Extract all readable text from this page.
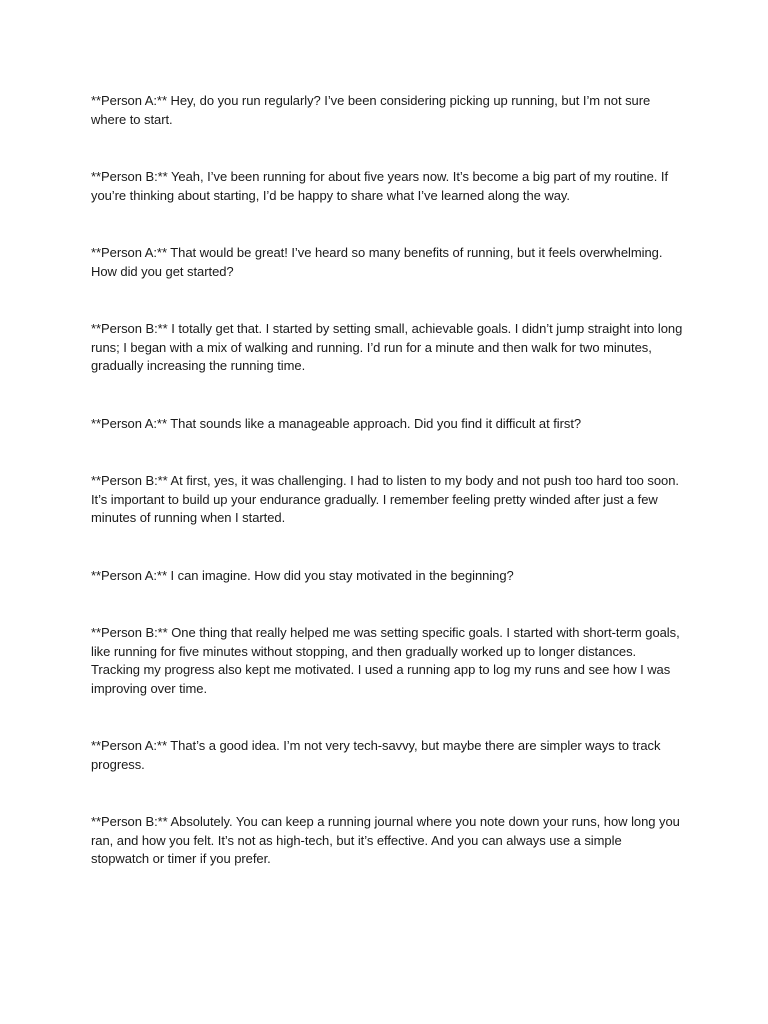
**Person A:** Hey, do you run regularly? I’ve been considering picking up running, but I’m not sure where to start.

**Person B:** Yeah, I’ve been running for about five years now. It’s become a big part of my routine. If you’re thinking about starting, I’d be happy to share what I’ve learned along the way.

**Person A:** That would be great! I’ve heard so many benefits of running, but it feels overwhelming. How did you get started?

**Person B:** I totally get that. I started by setting small, achievable goals. I didn’t jump straight into long runs; I began with a mix of walking and running. I’d run for a minute and then walk for two minutes, gradually increasing the running time.

**Person A:** That sounds like a manageable approach. Did you find it difficult at first?

**Person B:** At first, yes, it was challenging. I had to listen to my body and not push too hard too soon. It’s important to build up your endurance gradually. I remember feeling pretty winded after just a few minutes of running when I started.

**Person A:** I can imagine. How did you stay motivated in the beginning?

**Person B:** One thing that really helped me was setting specific goals. I started with short-term goals, like running for five minutes without stopping, and then gradually worked up to longer distances. Tracking my progress also kept me motivated. I used a running app to log my runs and see how I was improving over time.

**Person A:** That’s a good idea. I’m not very tech-savvy, but maybe there are simpler ways to track progress.

**Person B:** Absolutely. You can keep a running journal where you note down your runs, how long you ran, and how you felt. It’s not as high-tech, but it’s effective. And you can always use a simple stopwatch or timer if you prefer.
